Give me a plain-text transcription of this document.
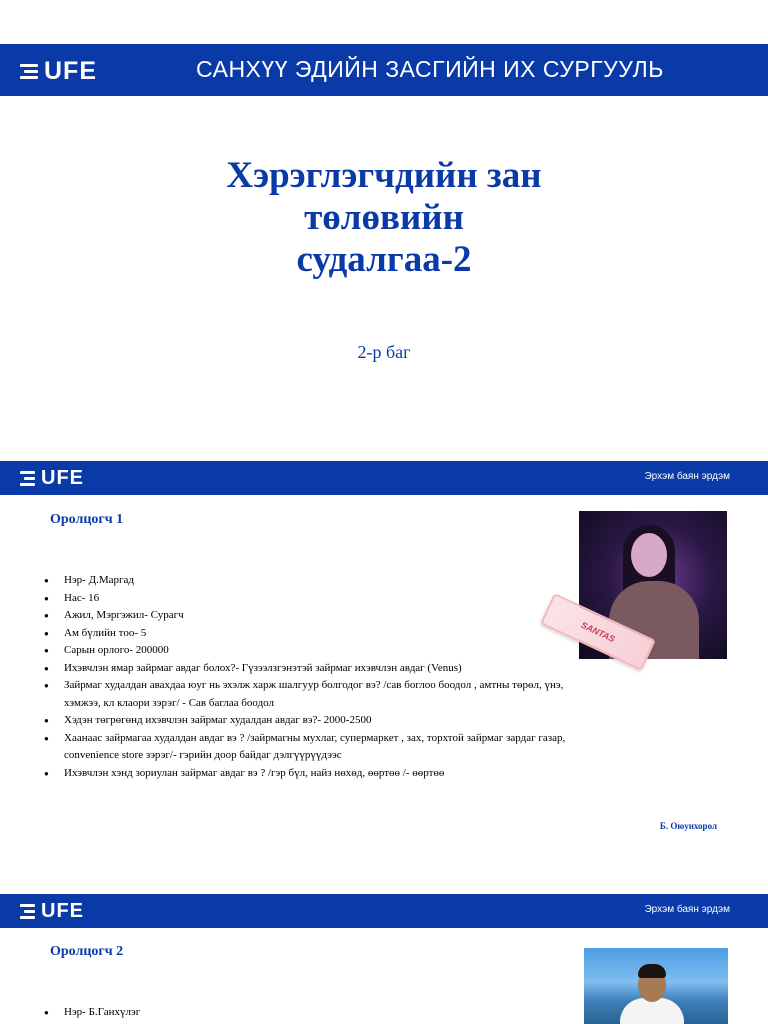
UFE	САНХҮҮ ЭДИЙН ЗАСГИЙН ИХ СУРГУУЛЬ
Хэрэглэгчдийн зан
төлөвийн
судалгаа-2
2-р баг
UFE	Эрхэм баян эрдэм
Оролцогч 1
● Нэр- Д.Маргад
● Нас- 16
● Ажил, Мэргэжил- Сурагч
● Ам бүлийн тоо- 5
● Сарын орлого- 200000
● Ихэвчлэн ямар зайрмаг авдаг болох?- Гүзээлзгэнэтэй зайрмаг ихэвчлэн авдаг (Venus)
● Зайрмаг худалдан авахдаа юуг нь эхэлж харж шалгуур болгодог вэ? /сав боглоо боодол , амтны төрөл, үнэ, хэмжээ, кл клаори зэрэг/ - Сав баглаа боодол
● Хэдэн төгрөгөнд ихэвчлэн зайрмаг худалдан авдаг вэ?- 2000-2500
● Хаанаас зайрмагаа худалдан авдаг вэ ? /зайрмагны мухлаг, супермаркет , зах, торхтой зайрмаг зардаг газар, convenience store зэрэг/- гэрийн доор байдаг дэлгүүрүүдээс
● Ихэвчлэн хэнд зориулан зайрмаг авдаг вэ ? /гэр бүл, найз нөхөд, өөртөө /- өөртөө
SANTAS
Б. Оюунхорол
UFE	Эрхэм баян эрдэм
Оролцогч 2
● Нэр- Б.Ганхүлэг
